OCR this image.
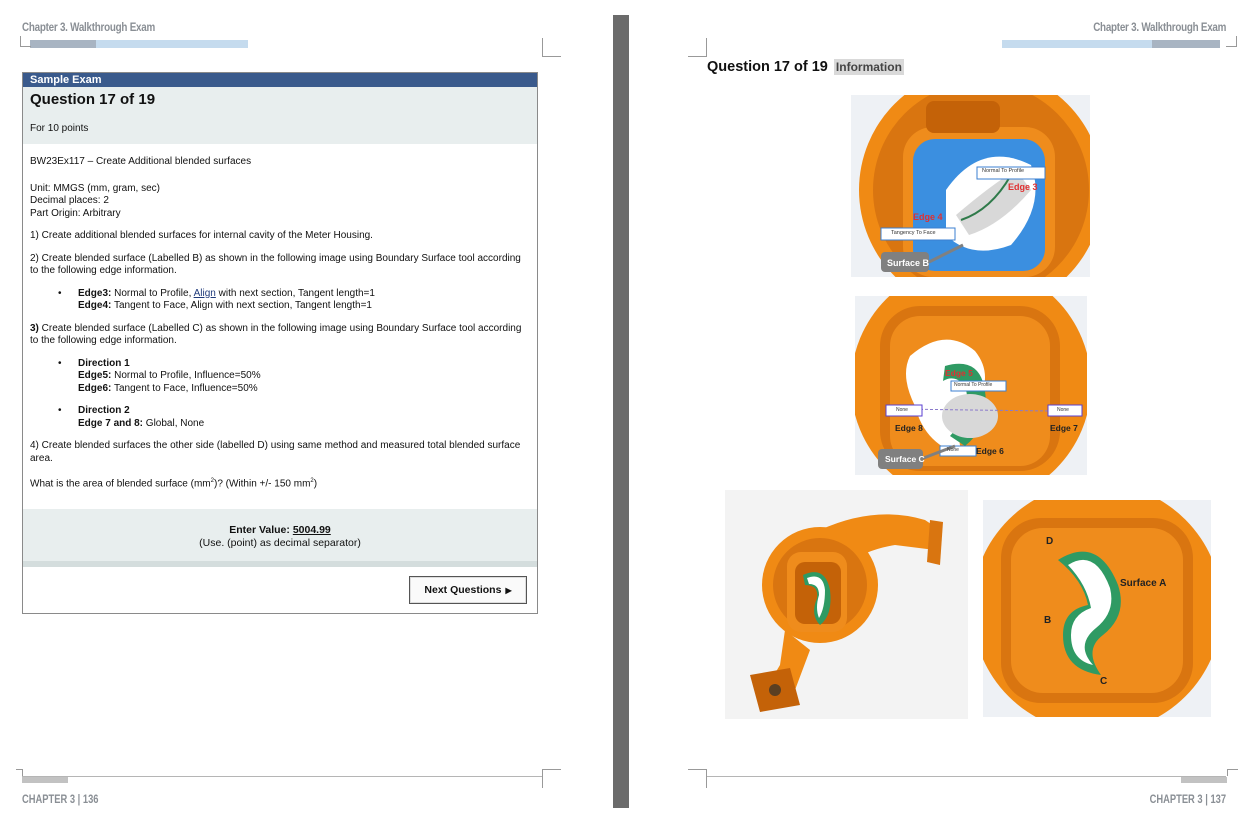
Chapter 3. Walkthrough Exam
Sample Exam
Question 17 of 19
For 10 points

BW23Ex117 – Create Additional blended surfaces

Unit: MMGS (mm, gram, sec)
Decimal places: 2
Part Origin: Arbitrary

1) Create additional blended surfaces for internal cavity of the Meter Housing.

2) Create blended surface (Labelled B) as shown in the following image using Boundary Surface tool according to the following edge information.

•	Edge3: Normal to Profile, Align with next section, Tangent length=1
Edge4: Tangent to Face, Align with next section, Tangent length=1

3) Create blended surface (Labelled C) as shown in the following image using Boundary Surface tool according to the following edge information.

•	Direction 1
Edge5: Normal to Profile, Influence=50%
Edge6: Tangent to Face, Influence=50%
•	Direction 2
Edge 7 and 8: Global, None

4) Create blended surfaces the other side (labelled D) using same method and measured total blended surface area.

What is the area of blended surface $(mm^2)$? (Within +/- 150 $mm^2$)

Enter Value: 5004.99
(Use. (point) as decimal separator)
Next Questions ▶
CHAPTER 3 | 136
Chapter 3. Walkthrough Exam
Question 17 of 19 Information
Normal To Profile
Edge 3
Edge 4
Tangency To Face
Surface B
Edge 5
Normal To Profile
None	None
Edge 8	Edge 7
None Edge 6
Surface C
D
Surface A
B
C
CHAPTER 3 | 137
